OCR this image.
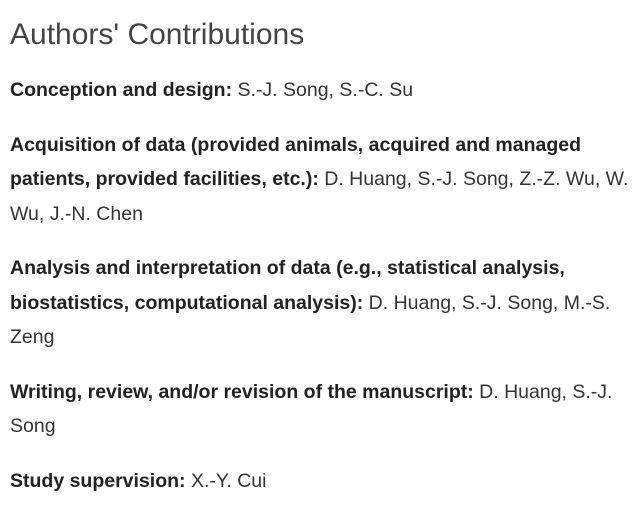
Authors' Contributions

Conception and design: S.-J. Song, S.-C. Su

Acquisition of data (provided animals, acquired and managed patients, provided facilities, etc.): D. Huang, S.-J. Song, Z.-Z. Wu, W. Wu, J.-N. Chen

Analysis and interpretation of data (e.g., statistical analysis, biostatistics, computational analysis): D. Huang, S.-J. Song, M.-S. Zeng

Writing, review, and/or revision of the manuscript: D. Huang, S.-J. Song

Study supervision: X.-Y. Cui
